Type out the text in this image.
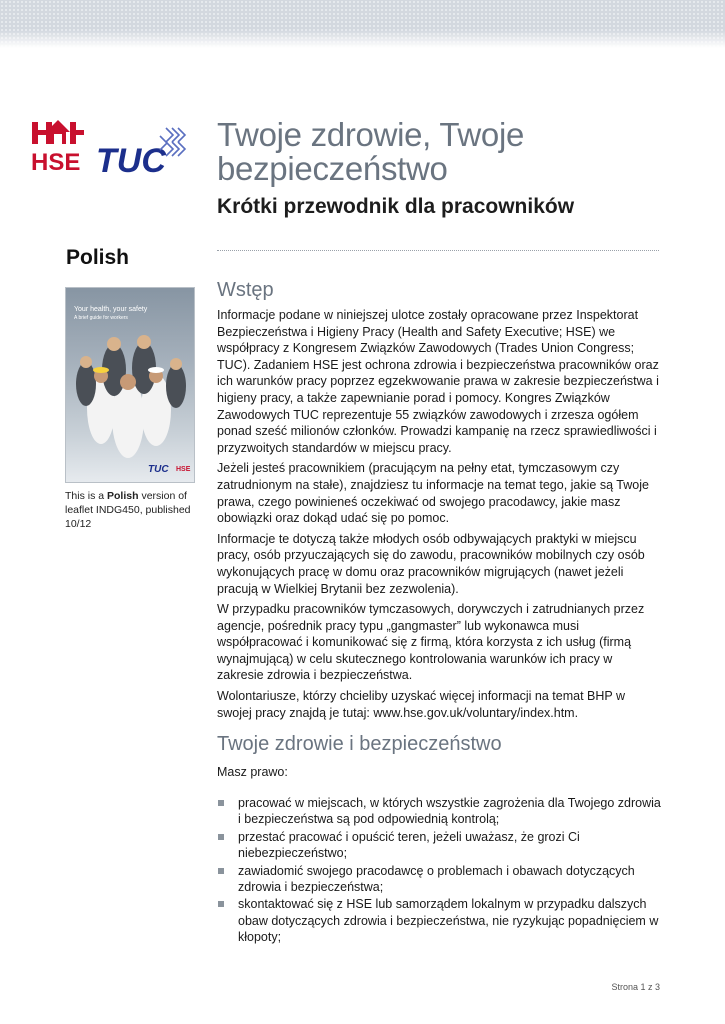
HSE TUC
Twoje zdrowie, Twoje bezpieczeństwo
Krótki przewodnik dla pracowników
Polish
Your health, your safety
A brief guide for workers
TUC HSE
This is a Polish version of leaflet INDG450, published 10/12
Wstęp

Informacje podane w niniejszej ulotce zostały opracowane przez Inspektorat Bezpieczeństwa i Higieny Pracy (Health and Safety Executive; HSE) we współpracy z Kongresem Związków Zawodowych (Trades Union Congress; TUC). Zadaniem HSE jest ochrona zdrowia i bezpieczeństwa pracowników oraz ich warunków pracy poprzez egzekwowanie prawa w zakresie bezpieczeństwa i higieny pracy, a także zapewnianie porad i pomocy. Kongres Związków Zawodowych TUC reprezentuje 55 związków zawodowych i zrzesza ogółem ponad sześć milionów członków. Prowadzi kampanię na rzecz sprawiedliwości i przyzwoitych standardów w miejscu pracy.

Jeżeli jesteś pracownikiem (pracującym na pełny etat, tymczasowym czy zatrudnionym na stałe), znajdziesz tu informacje na temat tego, jakie są Twoje prawa, czego powinieneś oczekiwać od swojego pracodawcy, jakie masz obowiązki oraz dokąd udać się po pomoc.

Informacje te dotyczą także młodych osób odbywających praktyki w miejscu pracy, osób przyuczających się do zawodu, pracowników mobilnych czy osób wykonujących pracę w domu oraz pracowników migrujących (nawet jeżeli pracują w Wielkiej Brytanii bez zezwolenia).

W przypadku pracowników tymczasowych, dorywczych i zatrudnianych przez agencje, pośrednik pracy typu „gangmaster” lub wykonawca musi współpracować i komunikować się z firmą, która korzysta z ich usług (firmą wynajmującą) w celu skutecznego kontrolowania warunków ich pracy w zakresie zdrowia i bezpieczeństwa.

Wolontariusze, którzy chcieliby uzyskać więcej informacji na temat BHP w swojej pracy znajdą je tutaj: www.hse.gov.uk/voluntary/index.htm.

Twoje zdrowie i bezpieczeństwo
Masz prawo:
pracować w miejscach, w których wszystkie zagrożenia dla Twojego zdrowia i bezpieczeństwa są pod odpowiednią kontrolą;
przestać pracować i opuścić teren, jeżeli uważasz, że grozi Ci niebezpieczeństwo;
zawiadomić swojego pracodawcę o problemach i obawach dotyczących zdrowia i bezpieczeństwa;
skontaktować się z HSE lub samorządem lokalnym w przypadku dalszych obaw dotyczących zdrowia i bezpieczeństwa, nie ryzykując popadnięciem w kłopoty;
Strona 1 z 3
